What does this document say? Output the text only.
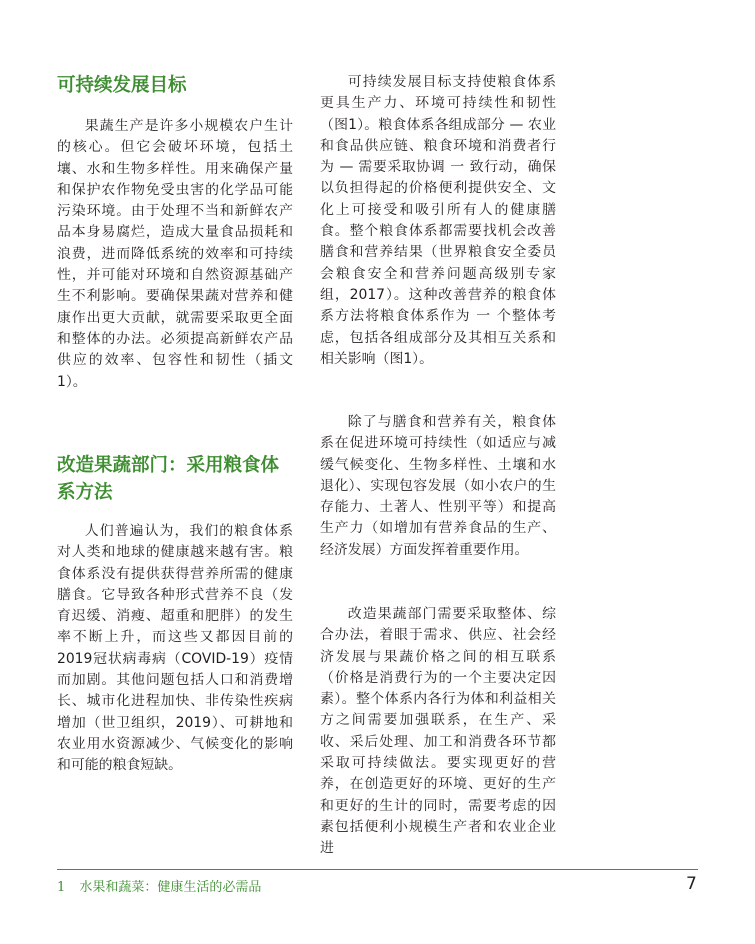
可持续发展目标

果蔬生产是许多小规模农户生计的核心。但它会破坏环境，包括土壤、水和生物多样性。用来确保产量和保护农作物免受虫害的化学品可能污染环境。由于处理不当和新鲜农产品本身易腐烂，造成大量食品损耗和浪费，进而降低系统的效率和可持续性，并可能对环境和自然资源基础产生不利影响。要确保果蔬对营养和健康作出更大贡献，就需要采取更全面和整体的办法。必须提高新鲜农产品供应的效率、包容性和韧性（插文1）。

改造果蔬部门：采用粮食体系方法

人们普遍认为，我们的粮食体系对人类和地球的健康越来越有害。粮食体系没有提供获得营养所需的健康膳食。它导致各种形式营养不良（发育迟缓、消瘦、超重和肥胖）的发生率不断上升，而这些又都因目前的2019冠状病毒病（COVID-19）疫情而加剧。其他问题包括人口和消费增长、城市化进程加快、非传染性疾病增加（世卫组织，2019）、可耕地和农业用水资源减少、气候变化的影响和可能的粮食短缺。

可持续发展目标支持使粮食体系更具生产力、环境可持续性和韧性（图1）。粮食体系各组成部分 — 农业和食品供应链、粮食环境和消费者行为 — 需要采取协调 一 致行动，确保以负担得起的价格便利提供安全、文化上可接受和吸引所有人的健康膳食。整个粮食体系都需要找机会改善膳食和营养结果（世界粮食安全委员会粮食安全和营养问题高级别专家组，2017）。这种改善营养的粮食体系方法将粮食体系作为 一 个整体考虑，包括各组成部分及其相互关系和相关影响（图1）。

除了与膳食和营养有关，粮食体系在促进环境可持续性（如适应与减缓气候变化、生物多样性、土壤和水退化）、实现包容发展（如小农户的生存能力、土著人、性别平等）和提高生产力（如增加有营养食品的生产、经济发展）方面发挥着重要作用。

改造果蔬部门需要采取整体、综合办法，着眼于需求、供应、社会经济发展与果蔬价格之间的相互联系（价格是消费行为的一个主要决定因素）。整个体系内各行为体和利益相关方之间需要加强联系，在生产、采收、采后处理、加工和消费各环节都采取可持续做法。要实现更好的营养，在创造更好的环境、更好的生产和更好的生计的同时，需要考虑的因素包括便利小规模生产者和农业企业进

1 水果和蔬菜：健康生活的必需品	7
